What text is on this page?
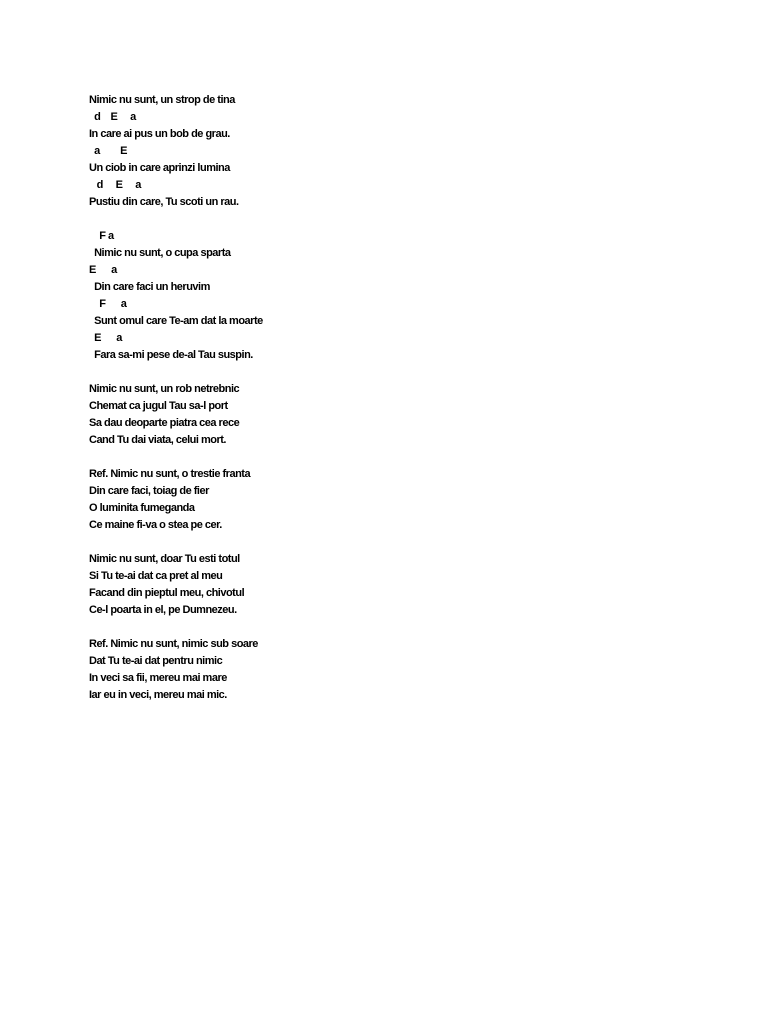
Nimic nu sunt, un strop de tina
d    E     a
In care ai pus un bob de grau.
a        E
Un ciob in care aprinzi lumina
d     E     a
Pustiu din care, Tu scoti un rau.
F a
Nimic nu sunt, o cupa sparta
E      a
Din care faci un heruvim
F      a
Sunt omul care Te-am dat la moarte
E      a
Fara sa-mi pese de-al Tau suspin.
Nimic nu sunt, un rob netrebnic
Chemat ca jugul Tau sa-l port
Sa dau deoparte piatra cea rece
Cand Tu dai viata, celui mort.
Ref. Nimic nu sunt, o trestie franta
Din care faci, toiag de fier
O luminita fumeganda
Ce maine fi-va o stea pe cer.
Nimic nu sunt, doar Tu esti totul
Si Tu te-ai dat ca pret al meu
Facand din pieptul meu, chivotul
Ce-l poarta in el, pe Dumnezeu.
Ref. Nimic nu sunt, nimic sub soare
Dat Tu te-ai dat pentru nimic
In veci sa fii, mereu mai mare
Iar eu in veci, mereu mai mic.
